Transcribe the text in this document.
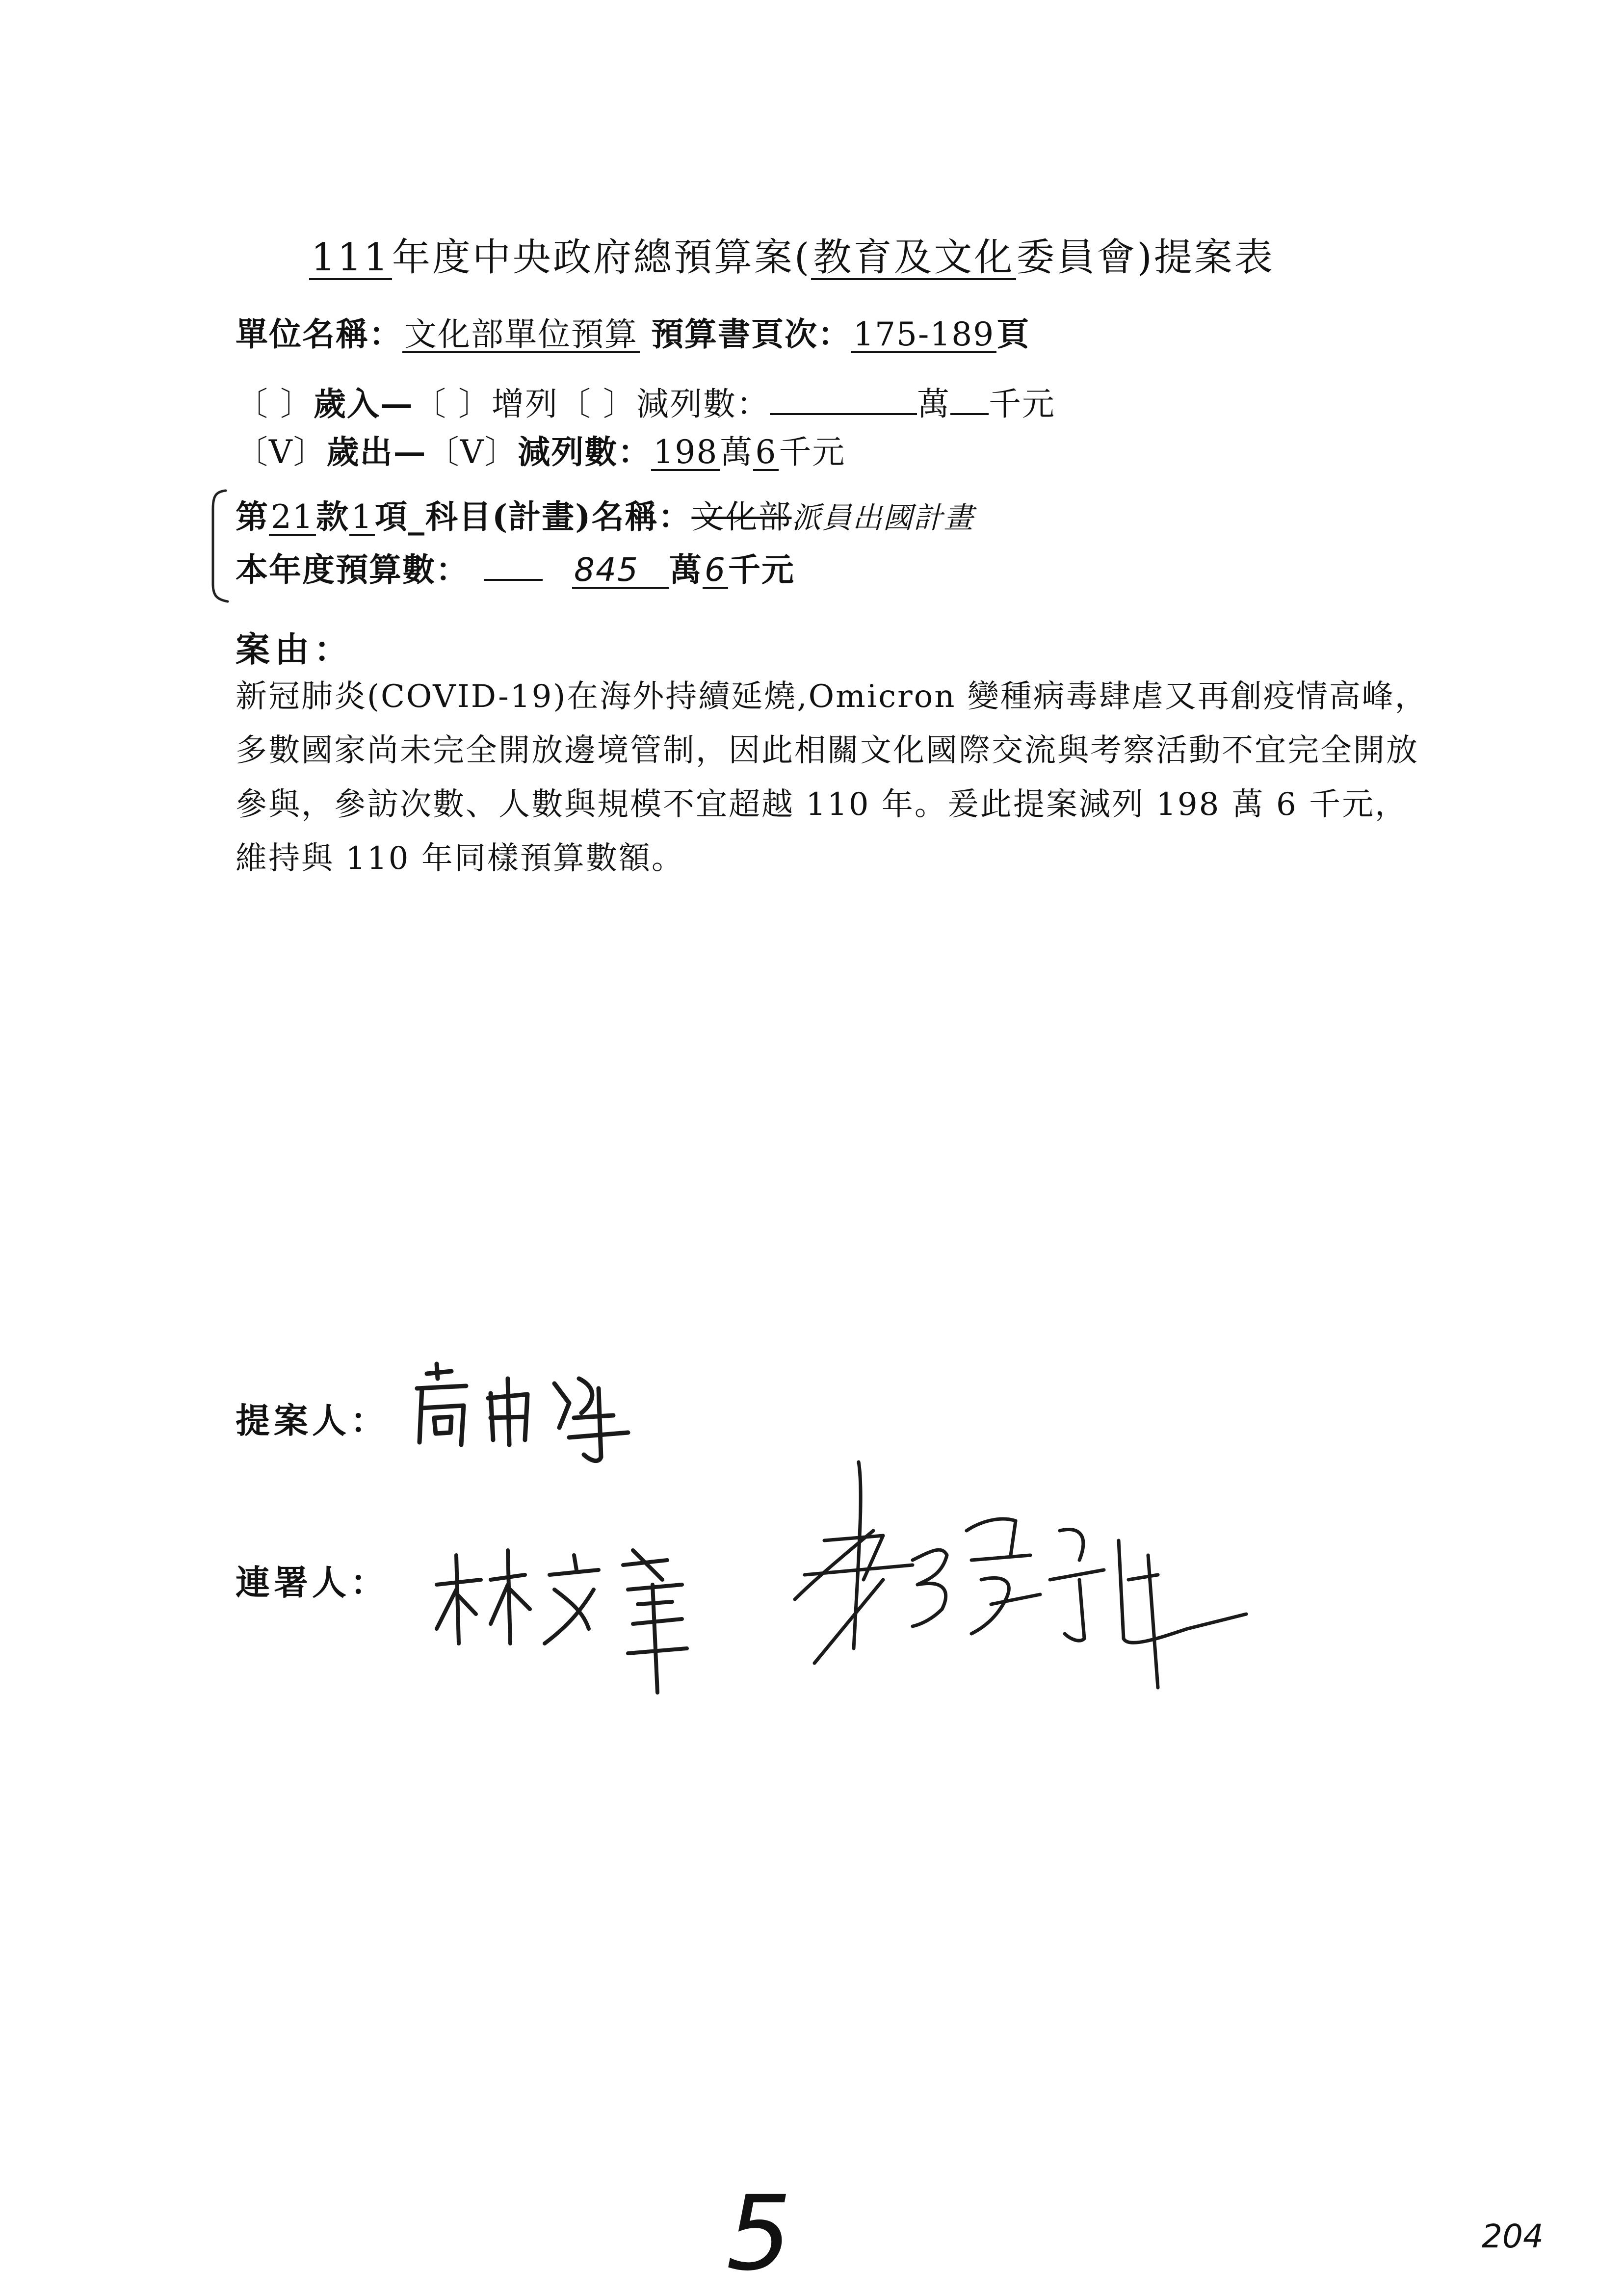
111年度中央政府總預算案(教育及文化委員會)提案表
單位名稱：文化部單位預算 預算書頁次：175-189頁
〔 〕歲入—〔 〕增列〔 〕減列數：	萬 千元
〔V〕歲出—〔V〕減列數：198萬6千元
第21款1項_科目(計畫)名稱：文化部派員出國計畫
本年度預算數：	845 萬6千元
案由：
新冠肺炎(COVID-19)在海外持續延燒,Omicron 變種病毒肆虐又再創疫情高峰，多數國家尚未完全開放邊境管制，因此相關文化國際交流與考察活動不宜完全開放參與，參訪次數、人數與規模不宜超越 110 年。爰此提案減列 198 萬 6 千元，維持與 110 年同樣預算數額。
提案人：
連署人：
5	204
